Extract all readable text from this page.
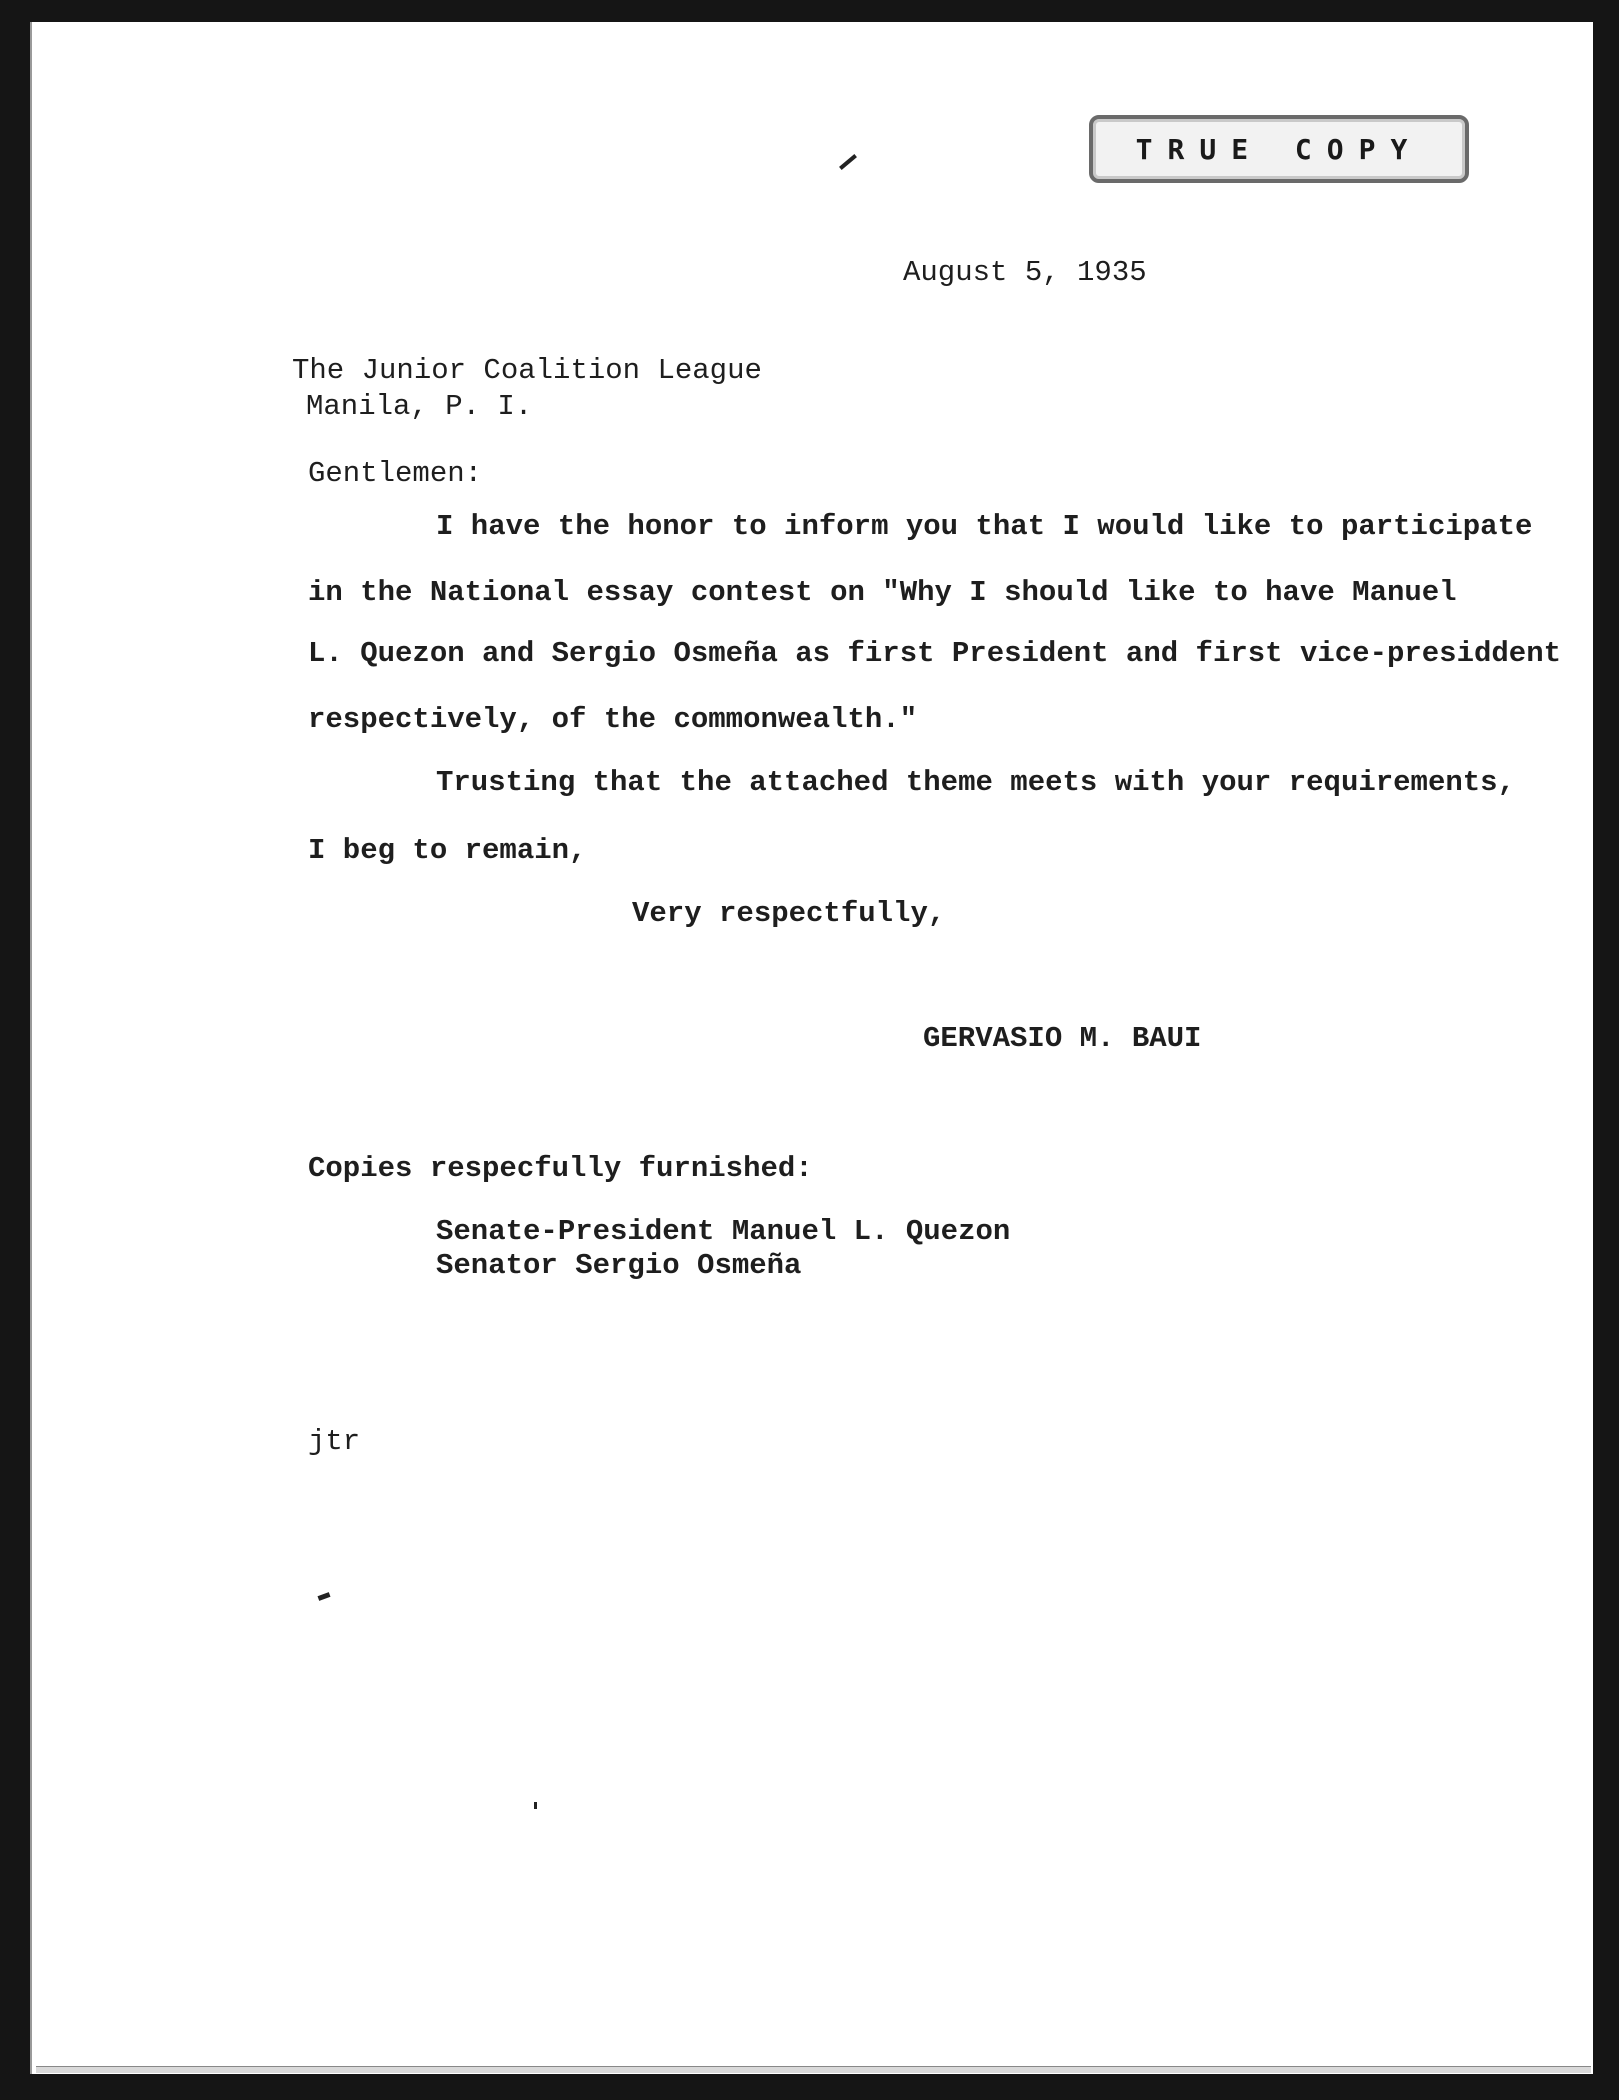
TRUE COPY
August 5, 1935
The Junior Coalition League
Manila, P. I.
Gentlemen:
I have the honor to inform you that I would like to participate
in the National essay contest on "Why I should like to have Manuel
L. Quezon and Sergio Osmeña as first President and first vice-presiddent
respectively, of the commonwealth."
Trusting that the attached theme meets with your requirements,
I beg to remain,
Very respectfully,
GERVASIO M. BAUI
Copies respecfully furnished:
Senate-President Manuel L. Quezon
Senator Sergio Osmeña
jtr
